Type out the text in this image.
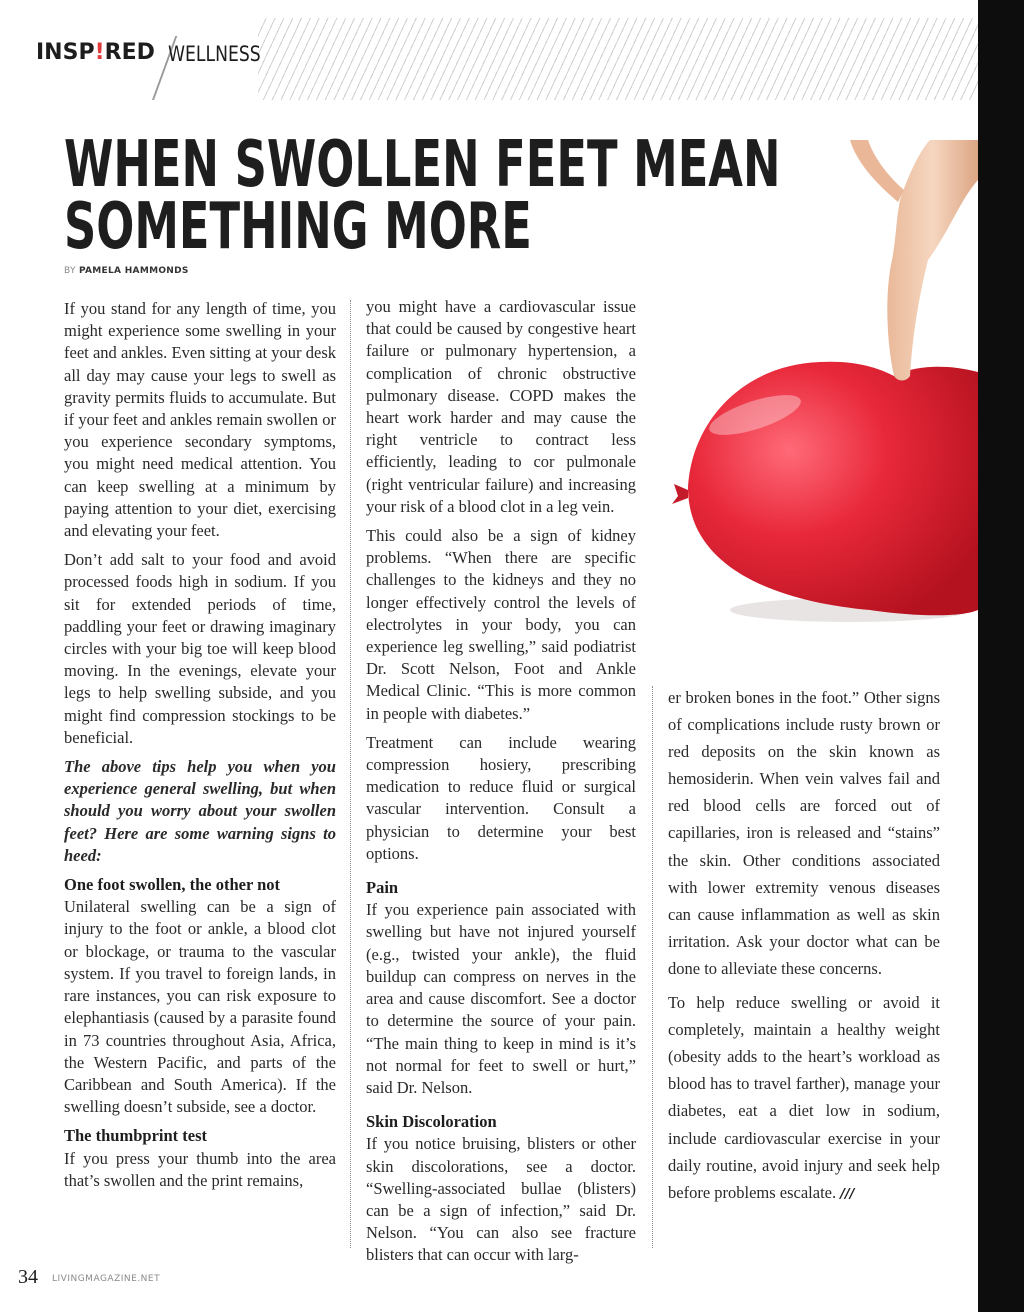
INSP!RED WELLNESS
WHEN SWOLLEN FEET MEAN
SOMETHING MORE
BY PAMELA HAMMONDS

If you stand for any length of time, you might experience some swelling in your feet and ankles. Even sitting at your desk all day may cause your legs to swell as gravity permits fluids to accumulate. But if your feet and ankles remain swollen or you experience secondary symptoms, you might need medical attention. You can keep swelling at a minimum by paying attention to your diet, exercising and elevating your feet.

Don’t add salt to your food and avoid processed foods high in sodium. If you sit for extended periods of time, paddling your feet or drawing imaginary circles with your big toe will keep blood moving. In the evenings, elevate your legs to help swelling subside, and you might find compression stockings to be beneficial.

The above tips help you when you experience general swelling, but when should you worry about your swollen feet? Here are some warning signs to heed:

One foot swollen, the other not

Unilateral swelling can be a sign of injury to the foot or ankle, a blood clot or blockage, or trauma to the vascular system. If you travel to foreign lands, in rare instances, you can risk exposure to elephantiasis (caused by a parasite found in 73 countries throughout Asia, Africa, the Western Pacific, and parts of the Caribbean and South America). If the swelling doesn’t subside, see a doctor.

The thumbprint test

If you press your thumb into the area that’s swollen and the print remains,

you might have a cardiovascular issue that could be caused by congestive heart failure or pulmonary hypertension, a complication of chronic obstructive pulmonary disease. COPD makes the heart work harder and may cause the right ventricle to contract less efficiently, leading to cor pulmonale (right ventricular failure) and increasing your risk of a blood clot in a leg vein.

This could also be a sign of kidney problems. “When there are specific challenges to the kidneys and they no longer effectively control the levels of electrolytes in your body, you can experience leg swelling,” said podiatrist Dr. Scott Nelson, Foot and Ankle Medical Clinic. “This is more common in people with diabetes.”

Treatment can include wearing compression hosiery, prescribing medication to reduce fluid or surgical vascular intervention. Consult a physician to determine your best options.

Pain

If you experience pain associated with swelling but have not injured yourself (e.g., twisted your ankle), the fluid buildup can compress on nerves in the area and cause discomfort. See a doctor to determine the source of your pain. “The main thing to keep in mind is it’s not normal for feet to swell or hurt,” said Dr. Nelson.

Skin Discoloration

If you notice bruising, blisters or other skin discolorations, see a doctor. “Swelling-associated bullae (blisters) can be a sign of infection,” said Dr. Nelson. “You can also see fracture blisters that can occur with larg-

er broken bones in the foot.” Other signs of complications include rusty brown or red deposits on the skin known as hemosiderin. When vein valves fail and red blood cells are forced out of capillaries, iron is released and “stains” the skin. Other conditions associated with lower extremity venous diseases can cause inflammation as well as skin irritation. Ask your doctor what can be done to alleviate these concerns.

To help reduce swelling or avoid it completely, maintain a healthy weight (obesity adds to the heart’s workload as blood has to travel farther), manage your diabetes, eat a diet low in sodium, include cardiovascular exercise in your daily routine, avoid injury and seek help before problems escalate. ///

34 LIVINGMAGAZINE.NET
